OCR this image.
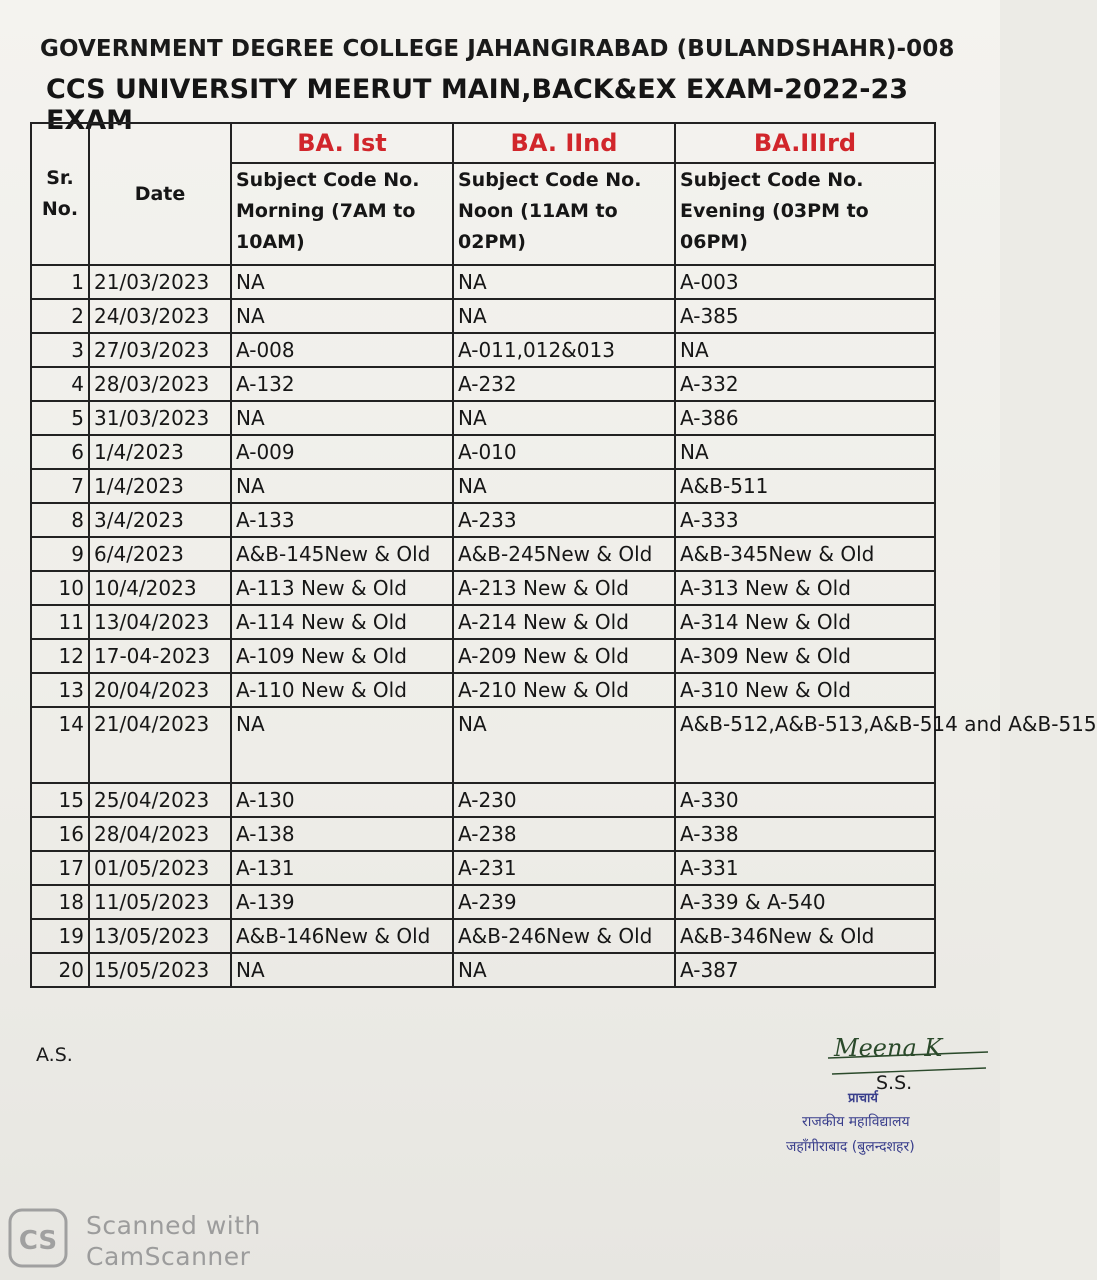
GOVERNMENT DEGREE COLLEGE JAHANGIRABAD (BULANDSHAHR)-008
CCS UNIVERSITY MEERUT MAIN,BACK&EX EXAM-2022-23 EXAM
Sr. No.	Date	BA. Ist	BA. IInd	BA.IIIrd
		Subject Code No. Morning (7AM to 10AM)	Subject Code No. Noon (11AM to 02PM)	Subject Code No. Evening (03PM to 06PM)
1	21/03/2023	NA	NA	A-003
2	24/03/2023	NA	NA	A-385
3	27/03/2023	A-008	A-011,012&013	NA
4	28/03/2023	A-132	A-232	A-332
5	31/03/2023	NA	NA	A-386
6	1/4/2023	A-009	A-010	NA
7	1/4/2023	NA	NA	A&B-511
8	3/4/2023	A-133	A-233	A-333
9	6/4/2023	A&B-145New & Old	A&B-245New & Old	A&B-345New & Old
10	10/4/2023	A-113 New & Old	A-213 New & Old	A-313 New & Old
11	13/04/2023	A-114 New & Old	A-214 New & Old	A-314 New & Old
12	17-04-2023	A-109 New & Old	A-209 New & Old	A-309 New & Old
13	20/04/2023	A-110 New & Old	A-210 New & Old	A-310 New & Old
14	21/04/2023	NA	NA	A&B-512,A&B-513,A&B-514 and A&B-515
15	25/04/2023	A-130	A-230	A-330
16	28/04/2023	A-138	A-238	A-338
17	01/05/2023	A-131	A-231	A-331
18	11/05/2023	A-139	A-239	A-339 & A-540
19	13/05/2023	A&B-146New & Old	A&B-246New & Old	A&B-346New & Old
20	15/05/2023	NA	NA	A-387
A.S.	Meena K
प्राचार्य
राजकीय महाविद्यालय
जहाँगीराबाद (बुलन्दशहर)
S.S.
CS
Scanned with
CamScanner
